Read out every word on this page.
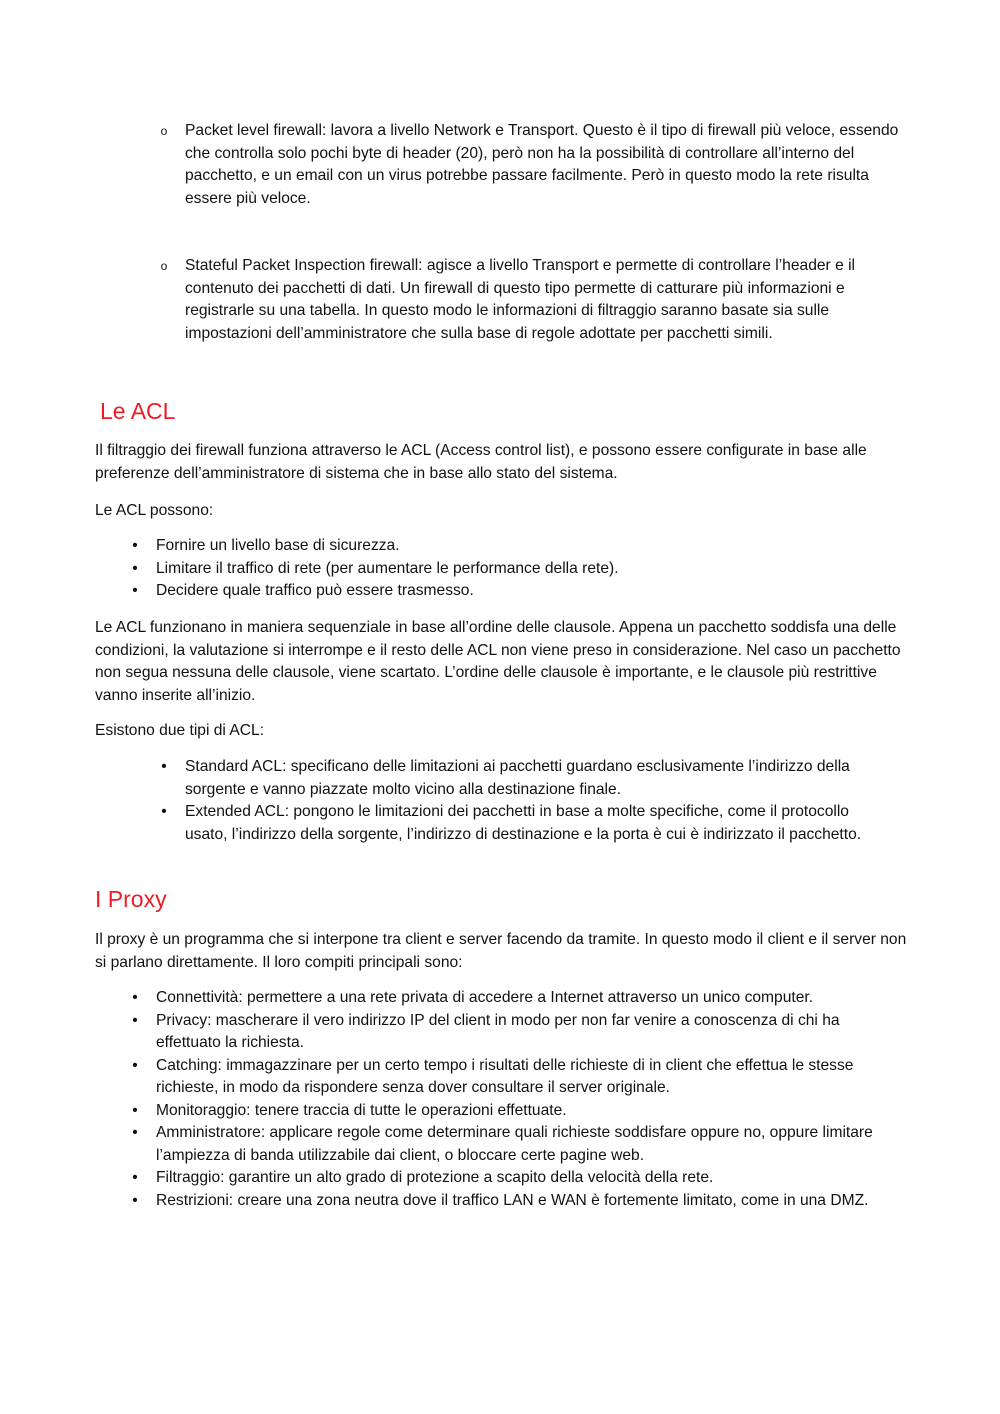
o Packet level firewall: lavora a livello Network e Transport. Questo è il tipo di firewall più veloce, essendo che controlla solo pochi byte di header (20), però non ha la possibilità di controllare all’interno del pacchetto, e un email con un virus potrebbe passare facilmente. Però in questo modo la rete risulta essere più veloce.
o Stateful Packet Inspection firewall: agisce a livello Transport e permette di controllare l’header e il contenuto dei pacchetti di dati. Un firewall di questo tipo permette di catturare più informazioni e registrarle su una tabella. In questo modo le informazioni di filtraggio saranno basate sia sulle impostazioni dell’amministratore che sulla base di regole adottate per pacchetti simili.
Le ACL

Il filtraggio dei firewall funziona attraverso le ACL (Access control list), e possono essere configurate in base alle preferenze dell’amministratore di sistema che in base allo stato del sistema.

Le ACL possono:

• Fornire un livello base di sicurezza.
• Limitare il traffico di rete (per aumentare le performance della rete).
• Decidere quale traffico può essere trasmesso.

Le ACL funzionano in maniera sequenziale in base all’ordine delle clausole. Appena un pacchetto soddisfa una delle condizioni, la valutazione si interrompe e il resto delle ACL non viene preso in considerazione. Nel caso un pacchetto non segua nessuna delle clausole, viene scartato. L’ordine delle clausole è importante, e le clausole più restrittive vanno inserite all’inizio.

Esistono due tipi di ACL:

• Standard ACL: specificano delle limitazioni ai pacchetti guardano esclusivamente l’indirizzo della sorgente e vanno piazzate molto vicino alla destinazione finale.
• Extended ACL: pongono le limitazioni dei pacchetti in base a molte specifiche, come il protocollo usato, l’indirizzo della sorgente, l’indirizzo di destinazione e la porta è cui è indirizzato il pacchetto.
I Proxy

Il proxy è un programma che si interpone tra client e server facendo da tramite. In questo modo il client e il server non si parlano direttamente. Il loro compiti principali sono:

• Connettività: permettere a una rete privata di accedere a Internet attraverso un unico computer.
• Privacy: mascherare il vero indirizzo IP del client in modo per non far venire a conoscenza di chi ha effettuato la richiesta.
• Catching: immagazzinare per un certo tempo i risultati delle richieste di in client che effettua le stesse richieste, in modo da rispondere senza dover consultare il server originale.
• Monitoraggio: tenere traccia di tutte le operazioni effettuate.
• Amministratore: applicare regole come determinare quali richieste soddisfare oppure no, oppure limitare l’ampiezza di banda utilizzabile dai client, o bloccare certe pagine web.
• Filtraggio: garantire un alto grado di protezione a scapito della velocità della rete.
• Restrizioni: creare una zona neutra dove il traffico LAN e WAN è fortemente limitato, come in una DMZ.
